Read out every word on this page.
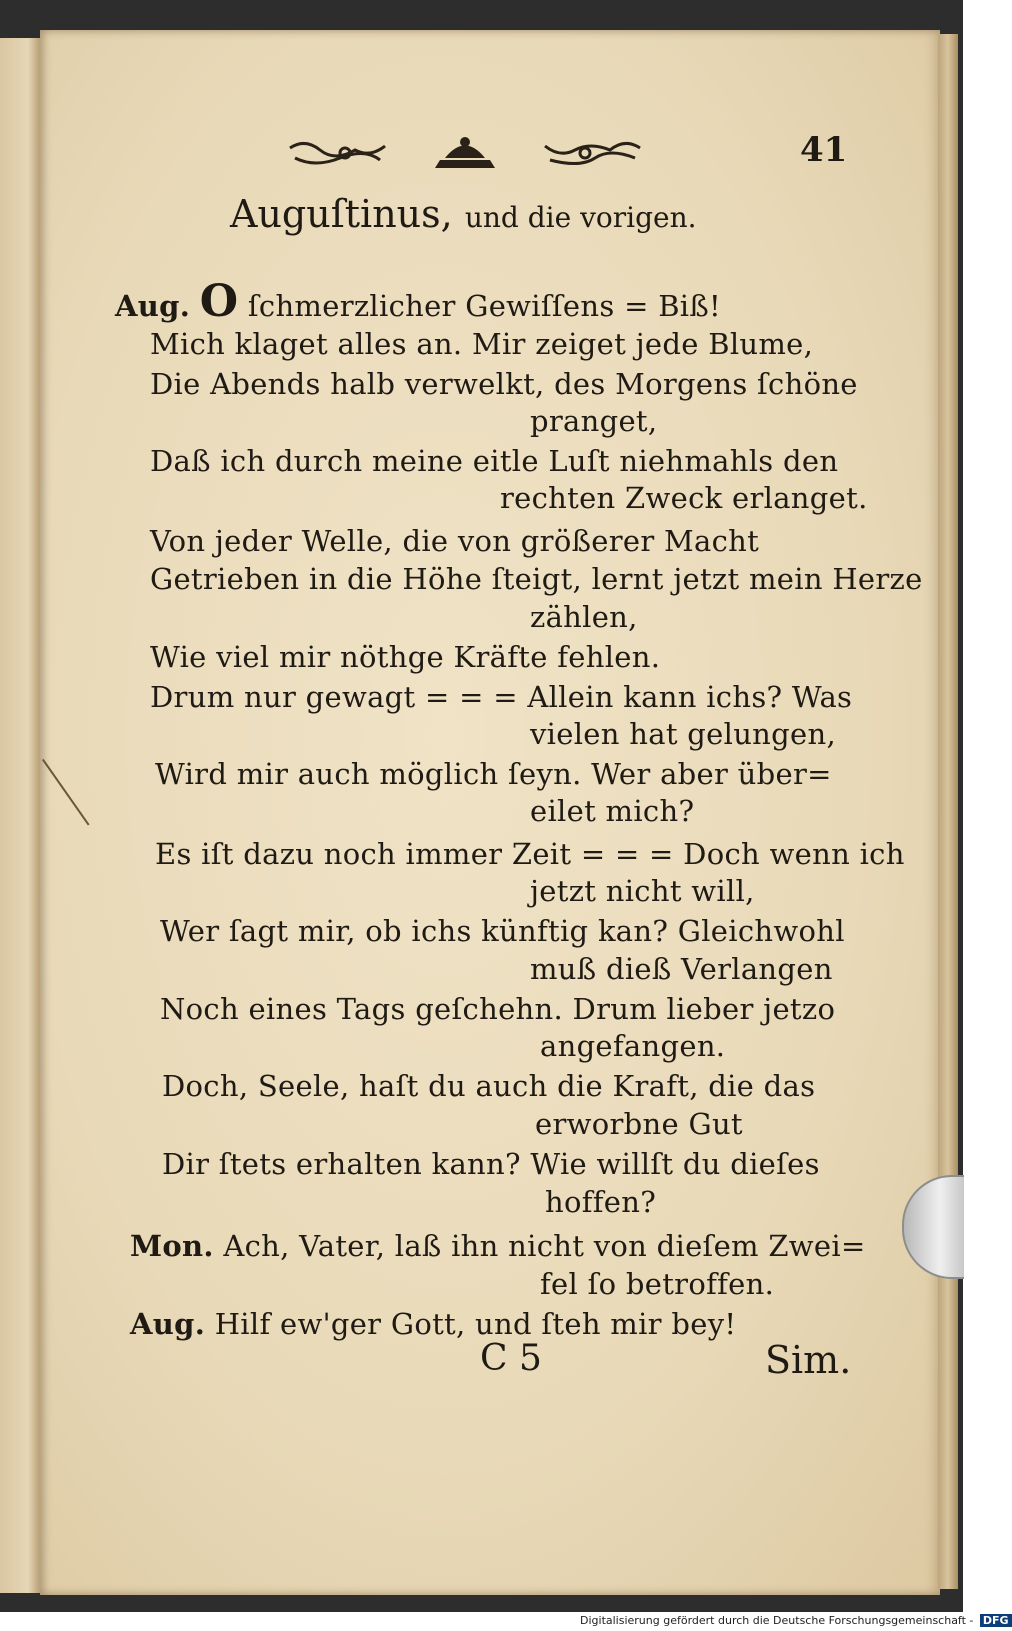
41
Auguſtinus, und die vorigen.
Aug. O ſchmerzlicher Gewiſſens = Biß!
Mich klaget alles an. Mir zeiget jede Blume,
Die Abends halb verwelkt, des Morgens ſchöne
pranget,
Daß ich durch meine eitle Luſt niehmahls den
rechten Zweck erlanget.
Von jeder Welle, die von größerer Macht
Getrieben in die Höhe ſteigt, lernt jetzt mein Herze
zählen,
Wie viel mir nöthge Kräfte fehlen.
Drum nur gewagt = = = Allein kann ichs? Was
vielen hat gelungen,
Wird mir auch möglich ſeyn. Wer aber über=
eilet mich?
Es iſt dazu noch immer Zeit = = = Doch wenn ich
jetzt nicht will,
Wer ſagt mir, ob ichs künftig kan? Gleichwohl
muß dieß Verlangen
Noch eines Tags geſchehn. Drum lieber jetzo
angefangen.
Doch, Seele, haſt du auch die Kraft, die das
erworbne Gut
Dir ſtets erhalten kann? Wie willſt du dieſes
hoffen?
Mon. Ach, Vater, laß ihn nicht von dieſem Zwei=
fel ſo betroffen.
Aug. Hilf ew'ger Gott, und ſteh mir bey!
C 5	Sim.
Digitalisierung gefördert durch die Deutsche Forschungsgemeinschaft - DFG
